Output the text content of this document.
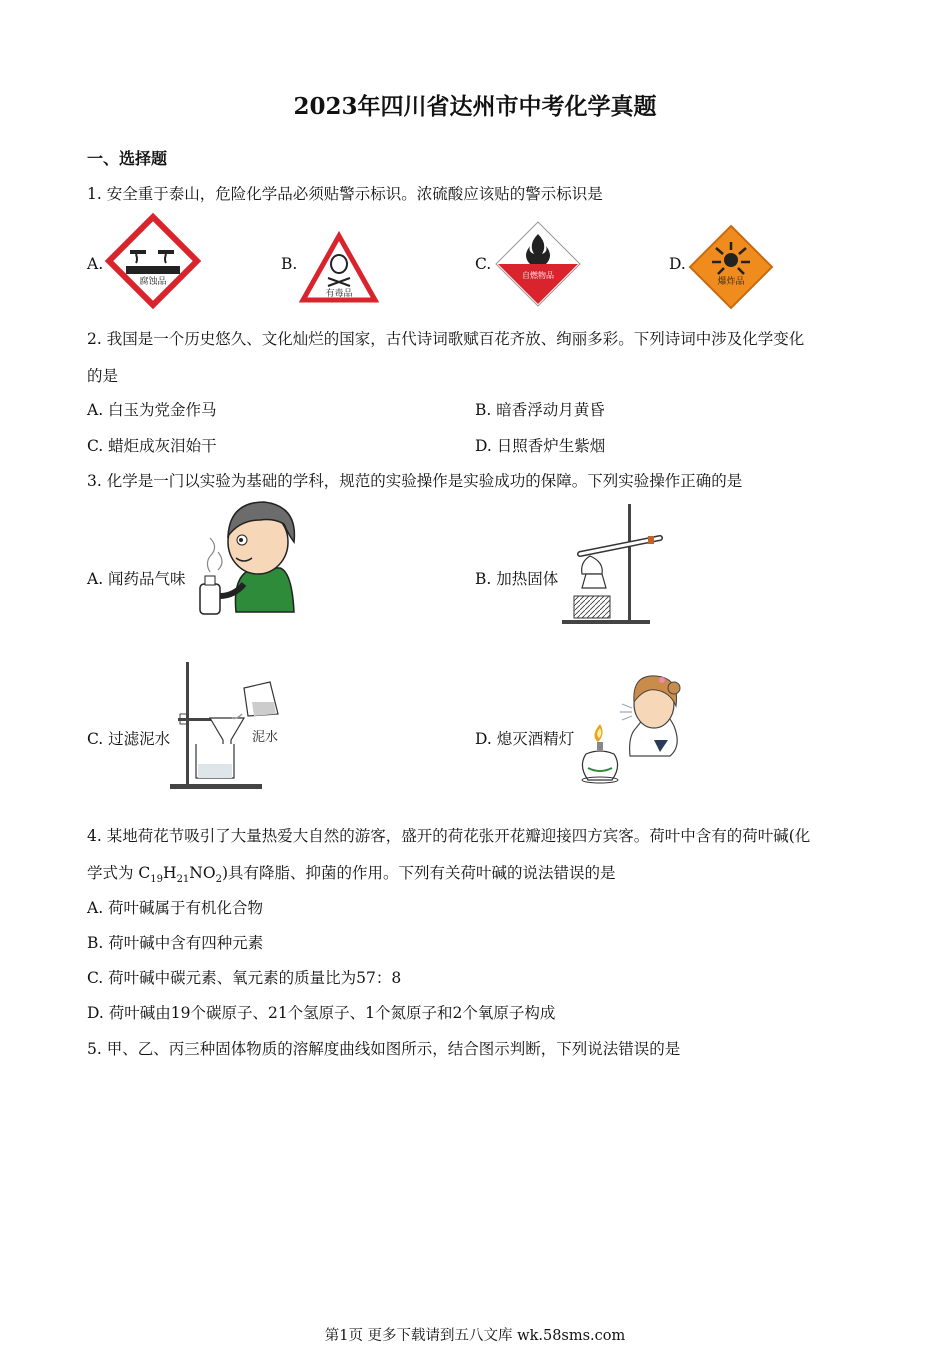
2023年四川省达州市中考化学真题
一、选择题
1. 安全重于泰山，危险化学品必须贴警示标识。浓硫酸应该贴的警示标识是
A.
腐蚀品
B.
有毒品
C.
自燃物品
D.
爆炸品
2. 我国是一个历史悠久、文化灿烂的国家，古代诗词歌赋百花齐放、绚丽多彩。下列诗词中涉及化学变化
的是
A. 白玉为党金作马	B. 暗香浮动月黄昏
C. 蜡炬成灰泪始干	D. 日照香炉生紫烟
3. 化学是一门以实验为基础的学科，规范的实验操作是实验成功的保障。下列实验操作正确的是
A. 闻药品气味	B. 加热固体
C. 过滤泥水	泥水	D. 熄灭酒精灯
4. 某地荷花节吸引了大量热爱大自然的游客，盛开的荷花张开花瓣迎接四方宾客。荷叶中含有的荷叶碱(化
学式为 $C_{19}H_{21}NO_2$)具有降脂、抑菌的作用。下列有关荷叶碱的说法错误的是
A. 荷叶碱属于有机化合物
B. 荷叶碱中含有四种元素
C. 荷叶碱中碳元素、氧元素的质量比为57：8
D. 荷叶碱由19个碳原子、21个氢原子、1个氮原子和2个氧原子构成
5. 甲、乙、丙三种固体物质的溶解度曲线如图所示，结合图示判断，下列说法错误的是
第1页 更多下载请到五八文库 wk.58sms.com
